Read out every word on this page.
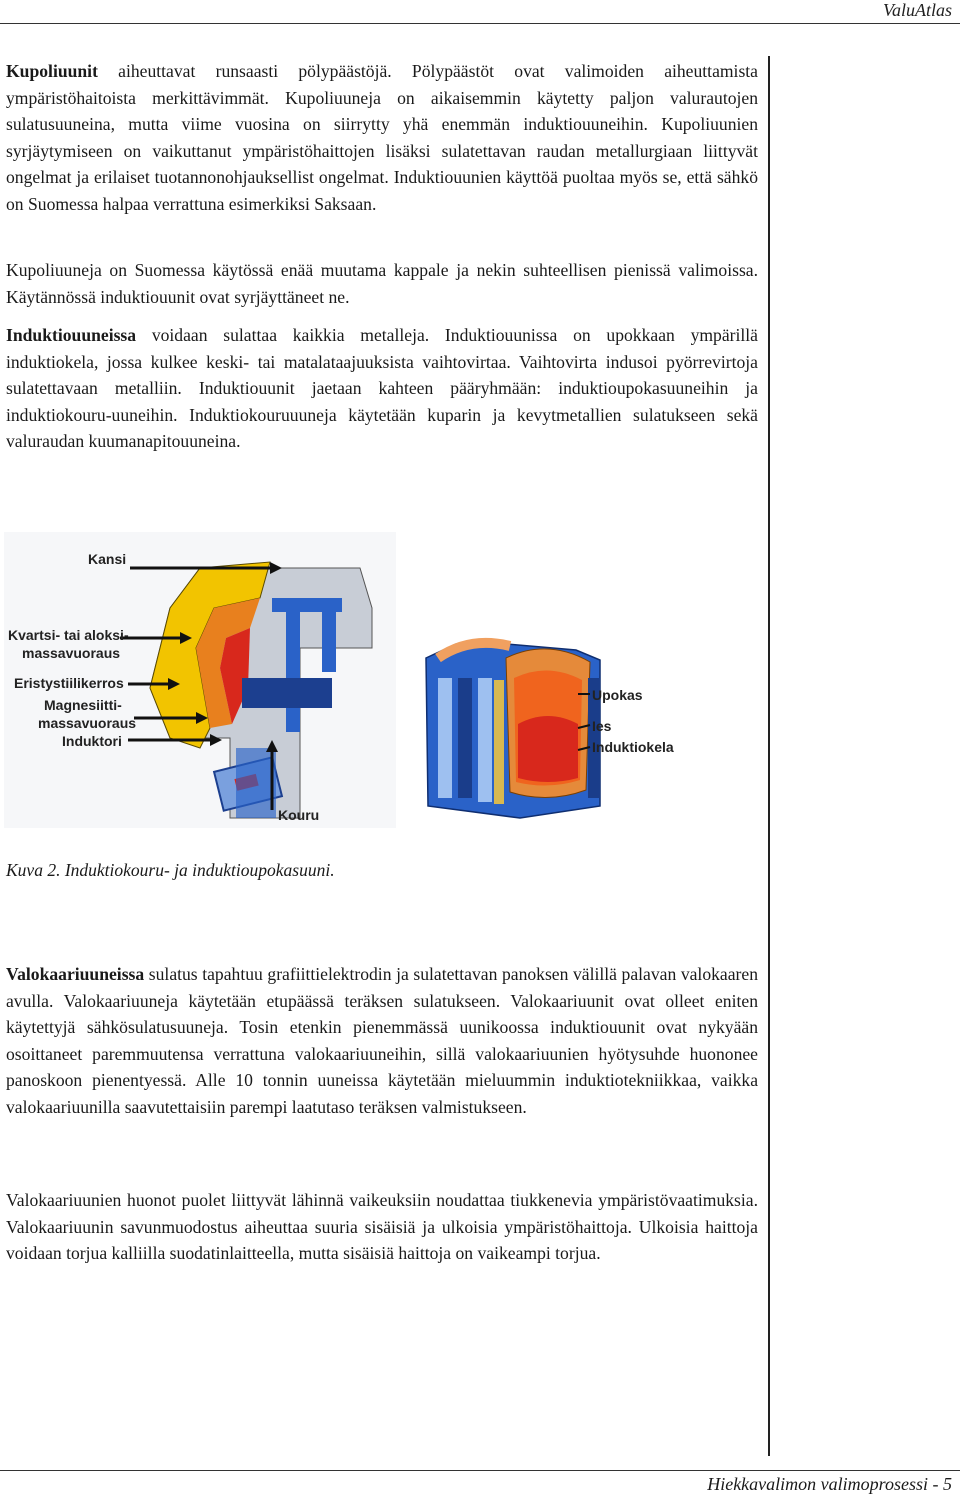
ValuAtlas

Kupoliuunit aiheuttavat runsaasti pölypäästöjä. Pölypäästöt ovat valimoiden aiheuttamista ympäristöhaitoista merkittävimmät. Kupoliuuneja on aikaisemmin käytetty paljon valurautojen sulatusuuneina, mutta viime vuosina on siirrytty yhä enemmän induktiouuneihin. Kupoliuunien syrjäytymiseen on vaikuttanut ympäristöhaittojen lisäksi sulatettavan raudan metallurgiaan liittyvät ongelmat ja erilaiset tuotannonohjauksellist ongelmat. Induktiouunien käyttöä puoltaa myös se, että sähkö on Suomessa halpaa verrattuna esimerkiksi Saksaan.

Kupoliuuneja on Suomessa käytössä enää muutama kappale ja nekin suhteellisen pienissä valimoissa. Käytännössä induktiouunit ovat syrjäyttäneet ne.

Induktiouuneissa voidaan sulattaa kaikkia metalleja. Induktiouunissa on upokkaan ympärillä induktiokela, jossa kulkee keski- tai matalataajuuksista vaihtovirtaa. Vaihtovirta indusoi pyörrevirtoja sulatettavaan metalliin. Induktiouunit jaetaan kahteen pääryhmään: induktioupokasuuneihin ja induktiokouru-uuneihin. Induktiokouruuuneja käytetään kuparin ja kevytmetallien sulatukseen sekä valuraudan kuumanapitouuneina.

Valokaariuuneissa sulatus tapahtuu grafiittielektrodin ja sulatettavan panoksen välillä palavan valokaaren avulla. Valokaariuuneja käytetään etupäässä teräksen sulatukseen. Valokaariuunit ovat olleet eniten käytettyjä sähkösulatusuuneja. Tosin etenkin pienemmässä uunikoossa induktiouunit ovat nykyään osoittaneet paremmuutensa verrattuna valokaariuuneihin, sillä valokaariuunien hyötysuhde huononee panoskoon pienentyessä. Alle 10 tonnin uuneissa käytetään mieluummin induktiotekniikkaa, vaikka valokaariuunilla saavutettaisiin parempi laatutaso teräksen valmistukseen.

Valokaariuunien huonot puolet liittyvät lähinnä vaikeuksiin noudattaa tiukkenevia ympäristövaatimuksia. Valokaariuunin savunmuodostus aiheuttaa suuria sisäisiä ja ulkoisia ympäristöhaittoja. Ulkoisia haittoja voidaan torjua kalliilla suodatinlaitteella, mutta sisäisiä haittoja on vaikeampi torjua.

Kansi
Kvartsi- tai aloksi-
massavuoraus
Eristystiilikerros
Magnesiitti-
massavuoraus
Induktori
Kouru
Upokas
Ies
Induktiokela
Kuva 2. Induktiokouru- ja induktioupokasuuni.
Hiekkavalimon valimoprosessi - 5
